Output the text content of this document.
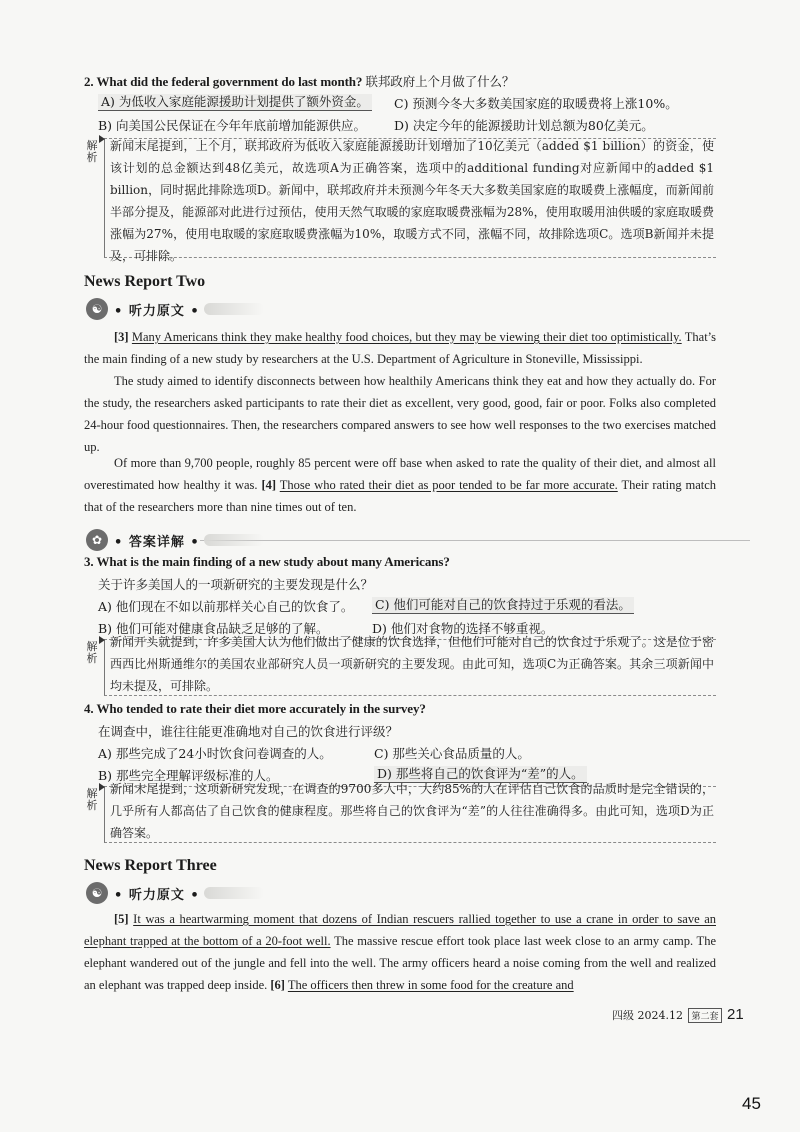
2. What did the federal government do last month? 联邦政府上个月做了什么？
A) 为低收入家庭能源援助计划提供了额外资金。 C) 预测今冬大多数美国家庭的取暖费将上涨10%。
B) 向美国公民保证在今年年底前增加能源供应。 D) 决定今年的能源援助计划总额为80亿美元。
解析
新闻末尾提到，上个月，联邦政府为低收入家庭能源援助计划增加了10亿美元（added $1 billion）的资金，使该计划的总金额达到48亿美元，故选项A为正确答案，选项中的additional funding对应新闻中的added $1 billion，同时据此排除选项D。新闻中，联邦政府并未预测今年冬天大多数美国家庭的取暖费上涨幅度，而新闻前半部分提及，能源部对此进行过预估，使用天然气取暖的家庭取暖费涨幅为28%，使用取暖用油供暖的家庭取暖费涨幅为27%，使用电取暖的家庭取暖费涨幅为10%，取暖方式不同，涨幅不同，故排除选项C。选项B新闻并未提及，可排除。
News Report Two
☯ • 听力原文 •
[3] Many Americans think they make healthy food choices, but they may be viewing their diet too optimistically. That’s the main finding of a new study by researchers at the U.S. Department of Agriculture in Stoneville, Mississippi.
The study aimed to identify disconnects between how healthily Americans think they eat and how they actually do. For the study, the researchers asked participants to rate their diet as excellent, very good, good, fair or poor. Folks also completed 24-hour food questionnaires. Then, the researchers compared answers to see how well responses to the two exercises matched up.
Of more than 9,700 people, roughly 85 percent were off base when asked to rate the quality of their diet, and almost all overestimated how healthy it was. [4] Those who rated their diet as poor tended to be far more accurate. Their rating match that of the researchers more than nine times out of ten.
✿ • 答案详解 •
3. What is the main finding of a new study about many Americans?
关于许多美国人的一项新研究的主要发现是什么？
A) 他们现在不如以前那样关心自己的饮食了。 C) 他们可能对自己的饮食持过于乐观的看法。
B) 他们可能对健康食品缺乏足够的了解。	D) 他们对食物的选择不够重视。
解析
新闻开头就提到，许多美国人认为他们做出了健康的饮食选择，但他们可能对自己的饮食过于乐观了。这是位于密西西比州斯通维尔的美国农业部研究人员一项新研究的主要发现。由此可知，选项C为正确答案。其余三项新闻中均未提及，可排除。
4. Who tended to rate their diet more accurately in the survey?
在调查中，谁往往能更准确地对自己的饮食进行评级？
A) 那些完成了24小时饮食问卷调查的人。	C) 那些关心食品质量的人。
B) 那些完全理解评级标准的人。	D) 那些将自己的饮食评为“差”的人。
解析
新闻末尾提到，这项新研究发现，在调查的9700多人中，大约85%的人在评估自己饮食的品质时是完全错误的，几乎所有人都高估了自己饮食的健康程度。那些将自己的饮食评为“差”的人往往准确得多。由此可知，选项D为正确答案。
News Report Three
☯ • 听力原文 •
[5] It was a heartwarming moment that dozens of Indian rescuers rallied together to use a crane in order to save an elephant trapped at the bottom of a 20-foot well. The massive rescue effort took place last week close to an army camp. The elephant wandered out of the jungle and fell into the well. The army officers heard a noise coming from the well and realized an elephant was trapped deep inside. [6] The officers then threw in some food for the creature and
四级 2024.12 第二套 21
45
